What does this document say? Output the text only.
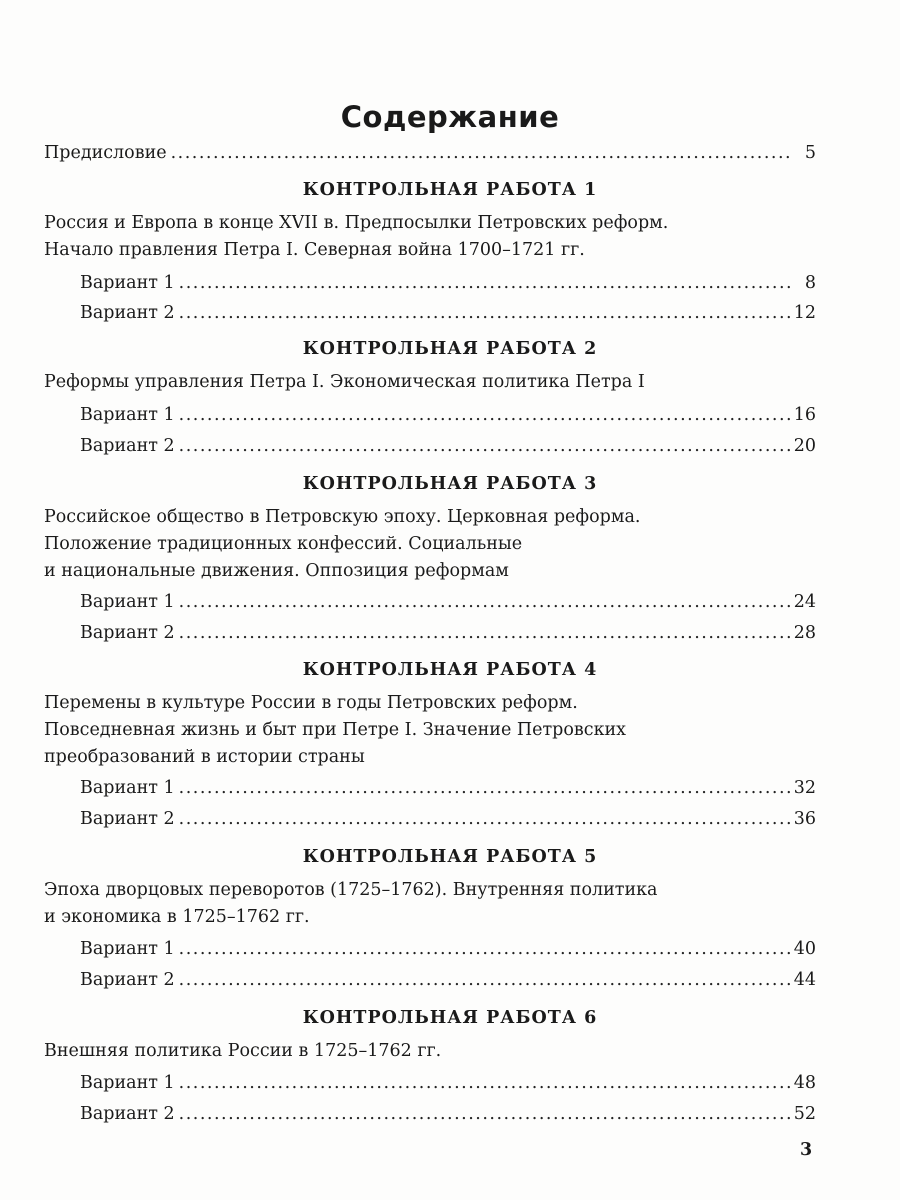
Содержание
Предисловие .....	5
КОНТРОЛЬНАЯ РАБОТА 1
Россия и Европа в конце XVII в. Предпосылки Петровских реформ.
Начало правления Петра I. Северная война 1700–1721 гг.
Вариант 1 .....	8
Вариант 2 .....	12
КОНТРОЛЬНАЯ РАБОТА 2
Реформы управления Петра I. Экономическая политика Петра I
Вариант 1 .....	16
Вариант 2 .....	20
КОНТРОЛЬНАЯ РАБОТА 3
Российское общество в Петровскую эпоху. Церковная реформа.
Положение традиционных конфессий. Социальные
и национальные движения. Оппозиция реформам
Вариант 1 .....	24
Вариант 2 .....	28
КОНТРОЛЬНАЯ РАБОТА 4
Перемены в культуре России в годы Петровских реформ.
Повседневная жизнь и быт при Петре I. Значение Петровских
преобразований в истории страны
Вариант 1 .....	32
Вариант 2 .....	36
КОНТРОЛЬНАЯ РАБОТА 5
Эпоха дворцовых переворотов (1725–1762). Внутренняя политика
и экономика в 1725–1762 гг.
Вариант 1 .....	40
Вариант 2 .....	44
КОНТРОЛЬНАЯ РАБОТА 6
Внешняя политика России в 1725–1762 гг.
Вариант 1 .....	48
Вариант 2 .....	52
3
